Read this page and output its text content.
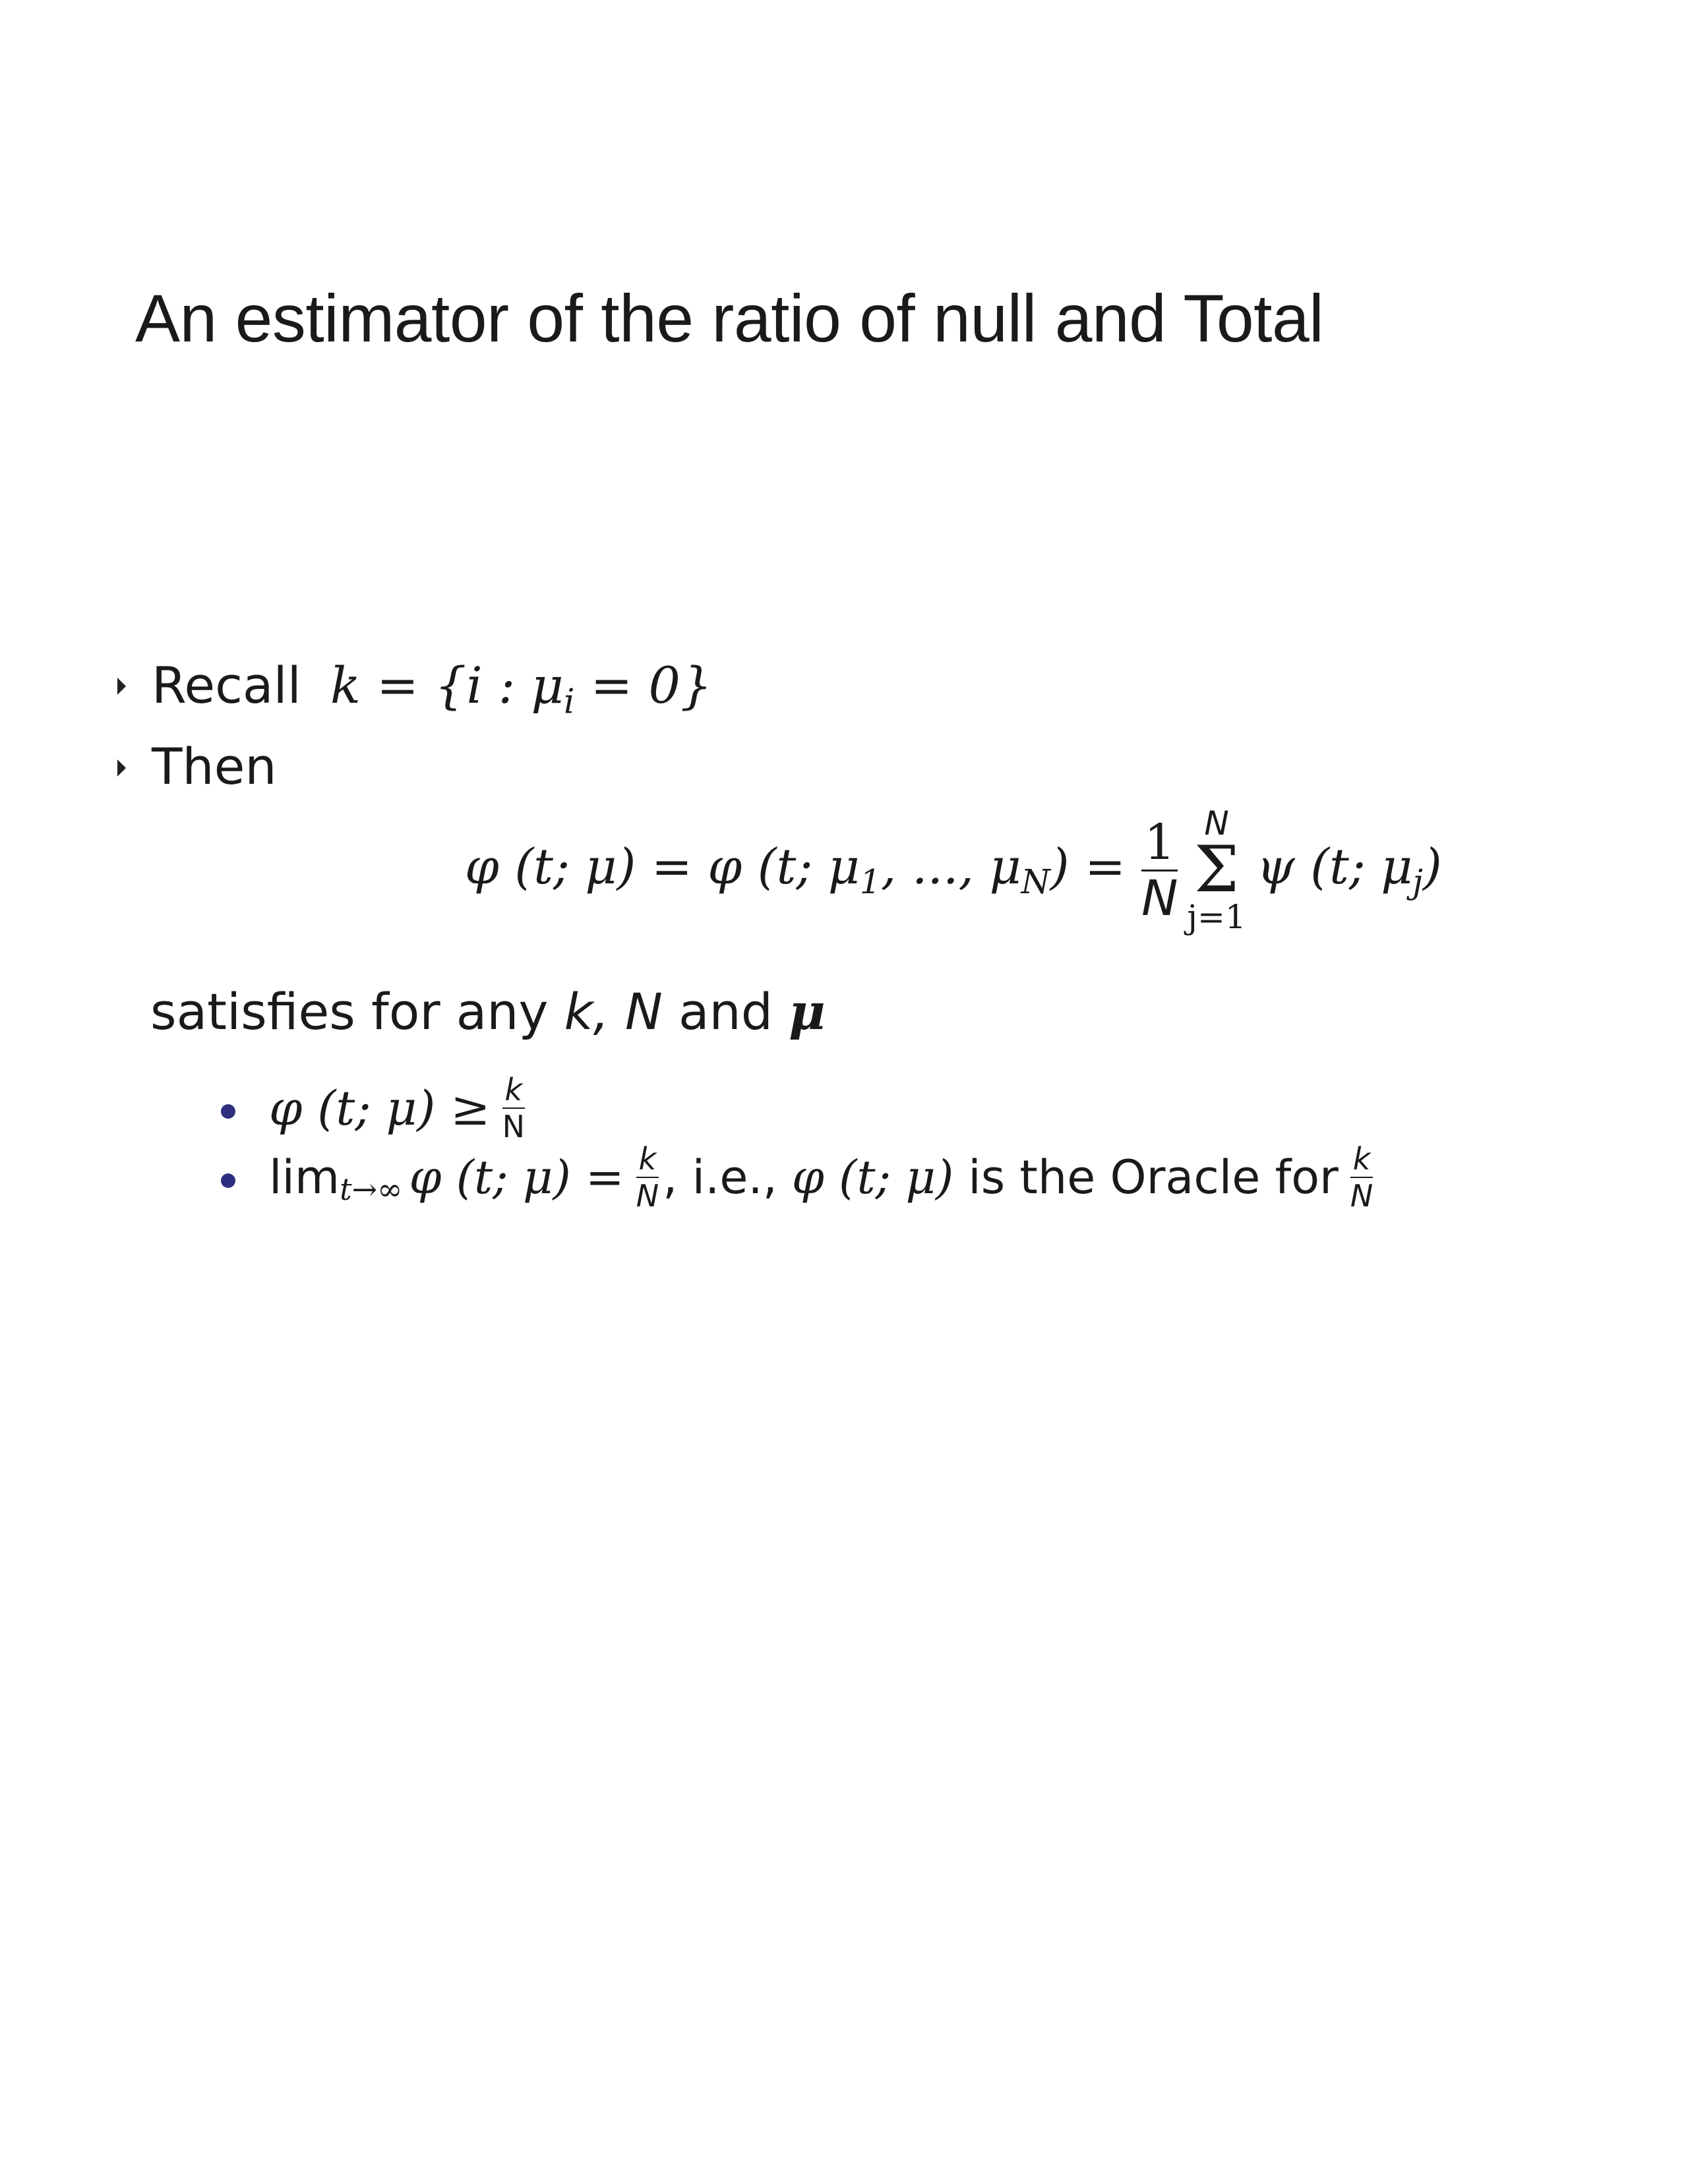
An estimator of the ratio of null and Total
Recall k = {i : $\mu_i = 0$}
Then
φ (t; μ) = φ (t; $\mu_1$, ..., $\mu_N) = \frac{1}{N}$ N
Σ
j=1
ψ (t; $\mu_j$)
satisfies for any k, N and μ
φ (t; $\mu) \ge \frac{k}{N}$
lim t→∞ φ (t; $\mu) = \frac{k}{N}$ , i.e., φ (t; μ) is the Oracle for $\frac{k}{N}$
